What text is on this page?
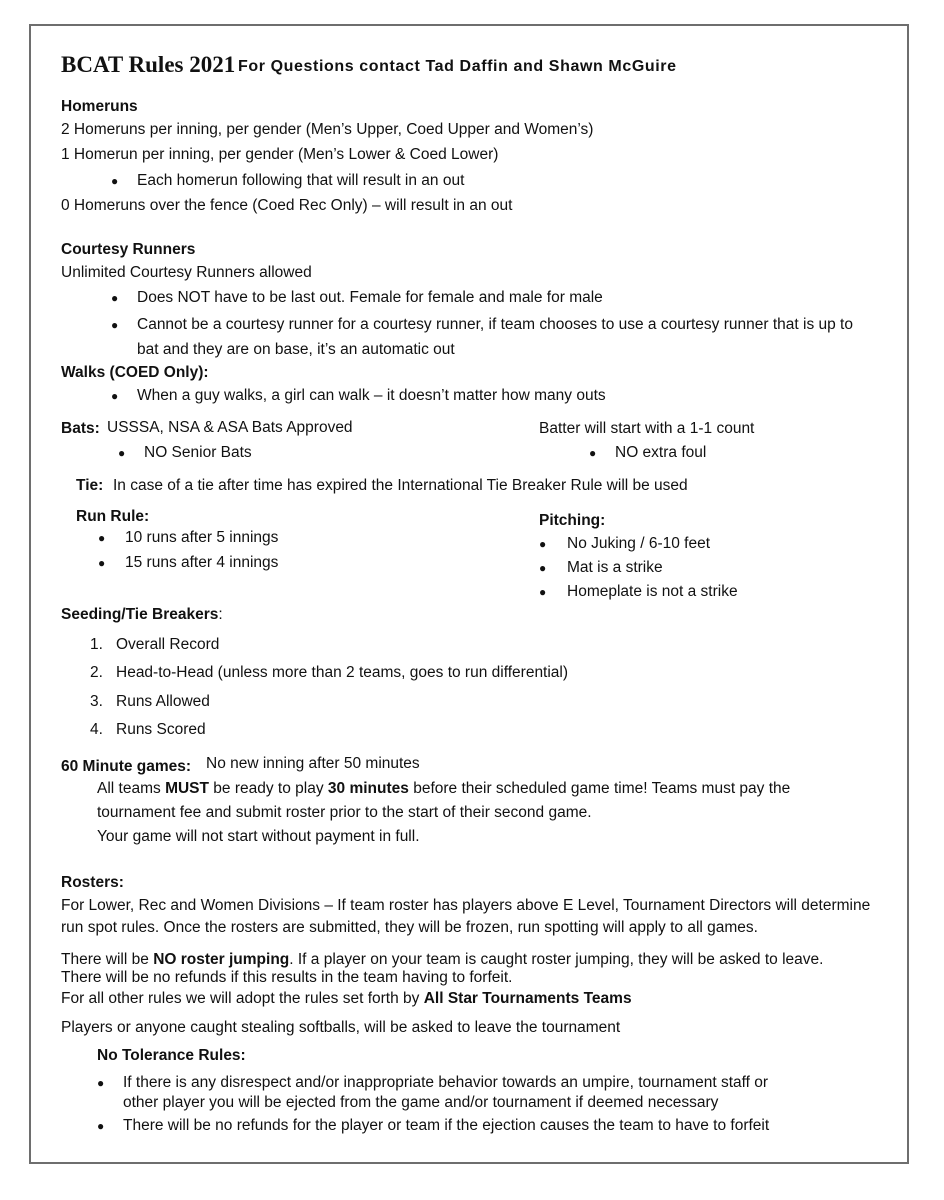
BCAT Rules 2021 For Questions contact Tad Daffin and Shawn McGuire
Homeruns
2 Homeruns per inning, per gender (Men’s Upper, Coed Upper and Women’s)
1 Homerun per inning, per gender (Men’s Lower & Coed Lower)
● Each homerun following that will result in an out
0 Homeruns over the fence (Coed Rec Only) – will result in an out
Courtesy Runners
Unlimited Courtesy Runners allowed
● Does NOT have to be last out. Female for female and male for male
● Cannot be a courtesy runner for a courtesy runner, if team chooses to use a courtesy runner that is up to
bat and they are on base, it’s an automatic out
Walks (COED Only):
● When a guy walks, a girl can walk – it doesn’t matter how many outs
Bats: USSSA, NSA & ASA Bats Approved
● NO Senior Bats
Batter will start with a 1-1 count
● NO extra foul
Tie: In case of a tie after time has expired the International Tie Breaker Rule will be used
Run Rule:
● 10 runs after 5 innings
● 15 runs after 4 innings
Pitching:
● No Juking / 6-10 feet
● Mat is a strike
● Homeplate is not a strike
Seeding/Tie Breakers:
1. Overall Record
2. Head-to-Head (unless more than 2 teams, goes to run differential)
3. Runs Allowed
4. Runs Scored
60 Minute games: No new inning after 50 minutes
All teams MUST be ready to play 30 minutes before their scheduled game time! Teams must pay the
tournament fee and submit roster prior to the start of their second game.
Your game will not start without payment in full.
Rosters:
For Lower, Rec and Women Divisions – If team roster has players above E Level, Tournament Directors will determine
run spot rules. Once the rosters are submitted, they will be frozen, run spotting will apply to all games.
There will be NO roster jumping. If a player on your team is caught roster jumping, they will be asked to leave.
There will be no refunds if this results in the team having to forfeit.
For all other rules we will adopt the rules set forth by All Star Tournaments Teams
Players or anyone caught stealing softballs, will be asked to leave the tournament
No Tolerance Rules:
● If there is any disrespect and/or inappropriate behavior towards an umpire, tournament staff or
other player you will be ejected from the game and/or tournament if deemed necessary
● There will be no refunds for the player or team if the ejection causes the team to have to forfeit
